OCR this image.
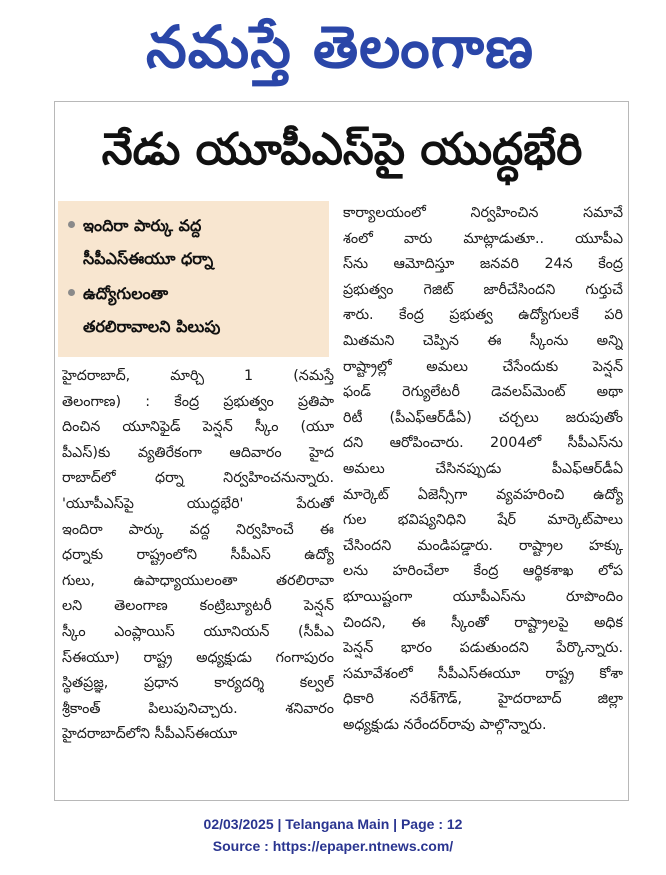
నమస్తే తెలంగాణ
నేడు యూపీఎస్‌పై యుద్ధభేరి
ఇందిరా పార్కు వద్ద
సీపీఎస్‌ఈయూ ధర్నా
ఉద్యోగులంతా
తరలిరావాలని పిలుపు
హైదరాబాద్, మార్చి 1 (నమస్తే
తెలంగాణ) : కేంద్ర ప్రభుత్వం ప్రతిపా
దించిన యూనిఫైడ్ పెన్షన్ స్కీం (యూ
పీఎస్)కు వ్యతిరేకంగా ఆదివారం హైద
రాబాద్‌లో ధర్నా నిర్వహించనున్నారు.
'యూపీఎస్‌పై యుద్ధభేరి' పేరుతో
ఇందిరా పార్కు వద్ద నిర్వహించే ఈ
ధర్నాకు రాష్ట్రంలోని సీపీఎస్ ఉద్యో
గులు, ఉపాధ్యాయులంతా తరలిరావా
లని తెలంగాణ కంట్రిబ్యూటరీ పెన్షన్
స్కీం ఎంప్లాయిస్ యూనియన్ (సీపీఎ
స్‌ఈయూ) రాష్ట్ర అధ్యక్షుడు గంగాపురం
స్థితప్రజ్ఞ, ప్రధాన కార్యదర్శి కల్వల్
శ్రీకాంత్ పిలుపునిచ్చారు. శనివారం
హైదరాబాద్‌లోని సీపీఎస్‌ఈయూ
కార్యాలయంలో నిర్వహించిన సమావే
శంలో వారు మాట్లాడుతూ.. యూపీఎ
స్‌ను ఆమోదిస్తూ జనవరి 24న కేంద్ర
ప్రభుత్వం గెజిట్ జారీచేసిందని గుర్తుచే
శారు. కేంద్ర ప్రభుత్వ ఉద్యోగులకే పరి
మితమని చెప్పిన ఈ స్కీంను అన్ని
రాష్ట్రాల్లో అమలు చేసేందుకు పెన్షన్
ఫండ్ రెగ్యులేటరీ డెవలప్‌మెంట్ అథా
రిటీ (పీఎఫ్‌ఆర్‌డీఏ) చర్చలు జరుపుతోం
దని ఆరోపించారు. 2004లో సీపీఎస్‌ను
అమలు చేసినప్పుడు పీఎఫ్‌ఆర్‌డీఏ
మార్కెట్ ఏజెన్సీగా వ్యవహరించి ఉద్యో
గుల భవిష్యనిధిని షేర్ మార్కెట్‌పాలు
చేసిందని మండిపడ్డారు. రాష్ట్రాల హక్కు
లను హరించేలా కేంద్ర ఆర్థికశాఖ లోప
భూయిష్టంగా యూపీఎస్‌ను రూపొందిం
చిందని, ఈ స్కీంతో రాష్ట్రాలపై అధిక
పెన్షన్ భారం పడుతుందని పేర్కొన్నారు.
సమావేశంలో సీపీఎస్‌ఈయూ రాష్ట్ర కోశా
ధికారి నరేశ్‌గౌడ్, హైదరాబాద్ జిల్లా
అధ్యక్షుడు నరేందర్‌రావు పాల్గొన్నారు.
02/03/2025 | Telangana Main | Page : 12
Source : https://epaper.ntnews.com/
